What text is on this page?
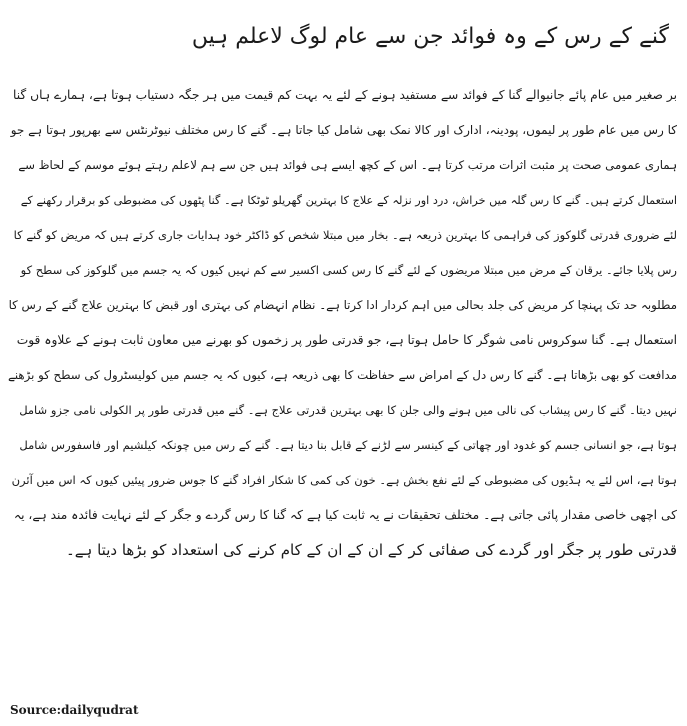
گنے کے رس کے وہ فوائد جن سے عام لوگ لاعلم ہیں
بر صغیر میں عام پائے جانیوالے گنا کے فوائد سے مستفید ہونے کے لئے یہ بہت کم قیمت میں ہر جگہ دستیاب ہوتا ہے، ہمارے ہاں گنا
کا رس میں عام طور پر لیموں، پودینہ، ادارک اور کالا نمک بھی شامل کیا جاتا ہے۔ گنے کا رس مختلف نیوٹرنٹس سے بھرپور ہوتا ہے جو
ہماری عمومی صحت پر مثبت اثرات مرتب کرتا ہے۔ اس کے کچھ ایسے ہی فوائد ہیں جن سے ہم لاعلم رہتے ہوئے موسم کے لحاظ سے
استعمال کرتے ہیں۔ گنے کا رس گلہ میں خراش، درد اور نزلہ کے علاج کا بہترین گھریلو ٹوٹکا ہے۔ گنا پٹھوں کی مضبوطی کو برقرار رکھنے کے
لئے ضروری قدرتی گلوکوز کی فراہمی کا بہترین ذریعہ ہے۔ بخار میں مبتلا شخص کو ڈاکٹر خود ہدایات جاری کرتے ہیں کہ مریض کو گنے کا
رس پلایا جائے۔ یرقان کے مرض میں مبتلا مریضوں کے لئے گنے کا رس کسی اکسیر سے کم نہیں کیوں کہ یہ جسم میں گلوکوز کی سطح کو
مطلوبہ حد تک پہنچا کر مریض کی جلد بحالی میں اہم کردار ادا کرتا ہے۔ نظام انہضام کی بہتری اور قبض کا بہترین علاج گنے کے رس کا
استعمال ہے۔ گنا سوکروس نامی شوگر کا حامل ہوتا ہے، جو قدرتی طور پر زخموں کو بھرنے میں معاون ثابت ہونے کے علاوہ قوت
مدافعت کو بھی بڑھاتا ہے۔ گنے کا رس دل کے امراض سے حفاظت کا بھی ذریعہ ہے، کیوں کہ یہ جسم میں کولیسٹرول کی سطح کو بڑھنے
نہیں دیتا۔ گنے کا رس پیشاب کی نالی میں ہونے والی جلن کا بھی بہترین قدرتی علاج ہے۔ گنے میں قدرتی طور پر الکولی نامی جزو شامل
ہوتا ہے، جو انسانی جسم کو غدود اور چھاتی کے کینسر سے لڑنے کے قابل بنا دیتا ہے۔ گنے کے رس میں چونکہ کیلشیم اور فاسفورس شامل
ہوتا ہے، اس لئے یہ ہڈیوں کی مضبوطی کے لئے نفع بخش ہے۔ خون کی کمی کا شکار افراد گنے کا جوس ضرور پیئیں کیوں کہ اس میں آئرن
کی اچھی خاصی مقدار پائی جاتی ہے۔ مختلف تحقیقات نے یہ ثابت کیا ہے کہ گنا کا رس گردے و جگر کے لئے نہایت فائدہ مند ہے، یہ
قدرتی طور پر جگر اور گردے کی صفائی کر کے ان کے ان کے کام کرنے کی استعداد کو بڑھا دیتا ہے۔
Source:dailyqudrat
